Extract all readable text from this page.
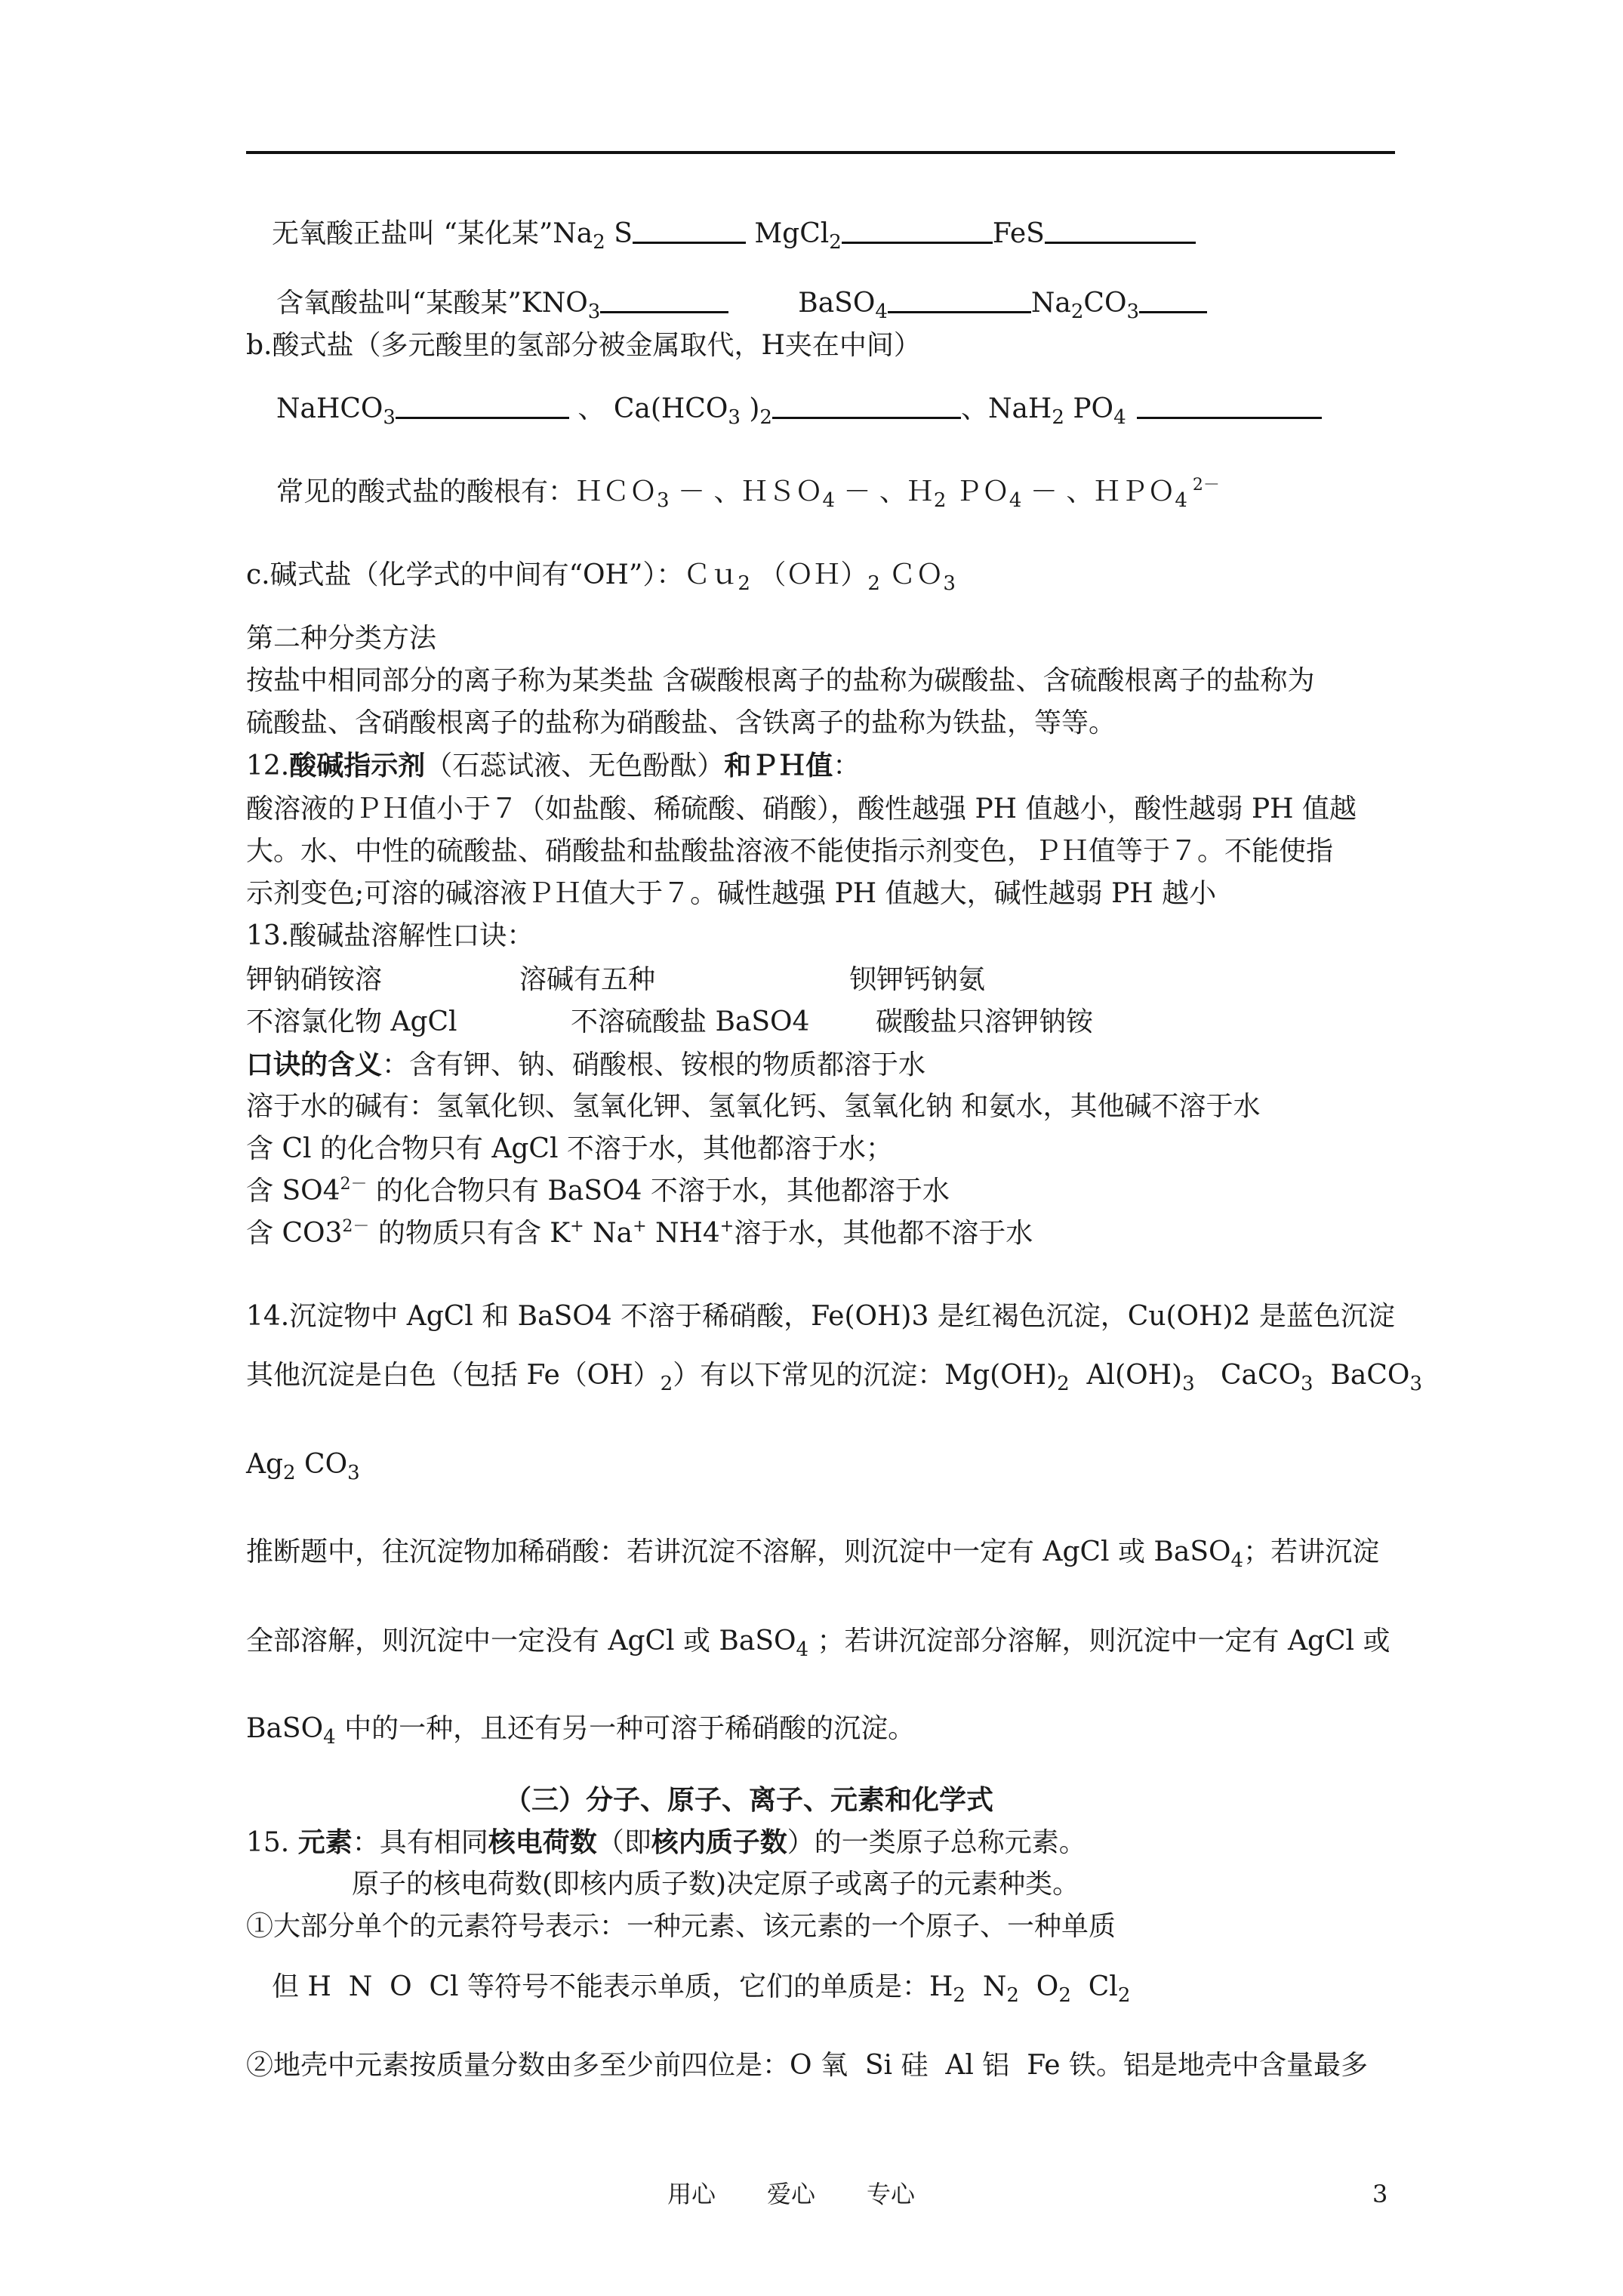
无氧酸正盐叫 “某化某$”Na_2$ S	MgCl$_2$	FeS
含氧酸盐叫“某酸某$”KNO_3$	BaSO$_4$	$Na_2CO_3$
b.酸式盐（多元酸里的氢部分被金属取代，H夹在中间）
NaHCO$_3$	、 $Ca(HCO_3$ )$_2$	、NaH$_2$ $PO_4$
常见的酸式盐的酸根有：ＨＣＯ$_3$ － 、ＨＳＯ$_4$ － 、Ｈ$_2$ ＰＯ$_4$ － 、ＨＰＯ$_4$ $^{2-}$
c.碱式盐（化学式的中间有“OH”）：Ｃｕ$_2$ $(OH)_2$ ＣＯ$_3$
第二种分类方法
按盐中相同部分的离子称为某类盐 含碳酸根离子的盐称为碳酸盐、含硫酸根离子的盐称为
硫酸盐、含硝酸根离子的盐称为硝酸盐、含铁离子的盐称为铁盐，等等。
12.酸碱指示剂（石蕊试液、无色酚酞）和ＰＨ值：
酸溶液的ＰＨ值小于７（如盐酸、稀硫酸、硝酸），酸性越强 PH 值越小，酸性越弱 PH 值越
大。水、中性的硫酸盐、硝酸盐和盐酸盐溶液不能使指示剂变色，ＰＨ值等于７。不能使指
示剂变色;可溶的碱溶液ＰＨ值大于７。碱性越强 PH 值越大，碱性越弱 PH 越小
13.酸碱盐溶解性口诀：
钾钠硝铵溶	溶碱有五种	钡钾钙钠氨
不溶氯化物 AgCl	不溶硫酸盐 BaSO4 碳酸盐只溶钾钠铵
口诀的含义：含有钾、钠、硝酸根、铵根的物质都溶于水
溶于水的碱有：氢氧化钡、氢氧化钾、氢氧化钙、氢氧化钠 和氨水，其他碱不溶于水
含 Cl 的化合物只有 AgCl 不溶于水，其他都溶于水；
含 $SO4^{2-}$ 的化合物只有 BaSO4 不溶于水，其他都溶于水
含 $CO3^{2-}$ 的物质只有含 K+ Na+ NH4+溶于水，其他都不溶于水
14.沉淀物中 AgCl 和 BaSO4 不溶于稀硝酸，Fe(OH)3 是红褐色沉淀，Cu(OH)2 是蓝色沉淀
其他沉淀是白色（包括 $Fe(OH)_2$）有以下常见的沉淀：$Mg(OH)_2$  $Al(OH)_3$   CaCO$_3$  BaCO$_3$
$Ag_2$ $CO_3$
推断题中，往沉淀物加稀硝酸：若讲沉淀不溶解，则沉淀中一定有 AgCl 或 BaSO$_4$；若讲沉淀
全部溶解，则沉淀中一定没有 AgCl 或 BaSO$_4$ ；若讲沉淀部分溶解，则沉淀中一定有 AgCl 或
BaSO$_4$ 中的一种，且还有另一种可溶于稀硝酸的沉淀。
（三）分子、原子、离子、元素和化学式
15. 元素：具有相同核电荷数（即核内质子数）的一类原子总称元素。
原子的核电荷数(即核内质子数)决定原子或离子的元素种类。
①大部分单个的元素符号表示：一种元素、该元素的一个原子、一种单质
但 H  N  O  Cl 等符号不能表示单质，它们的单质是：$H_2$  $N_2$  $O_2$  $Cl_2$
②地壳中元素按质量分数由多至少前四位是：O 氧  Si 硅  Al 铝  Fe 铁。铝是地壳中含量最多
用心 爱心 专心	3
